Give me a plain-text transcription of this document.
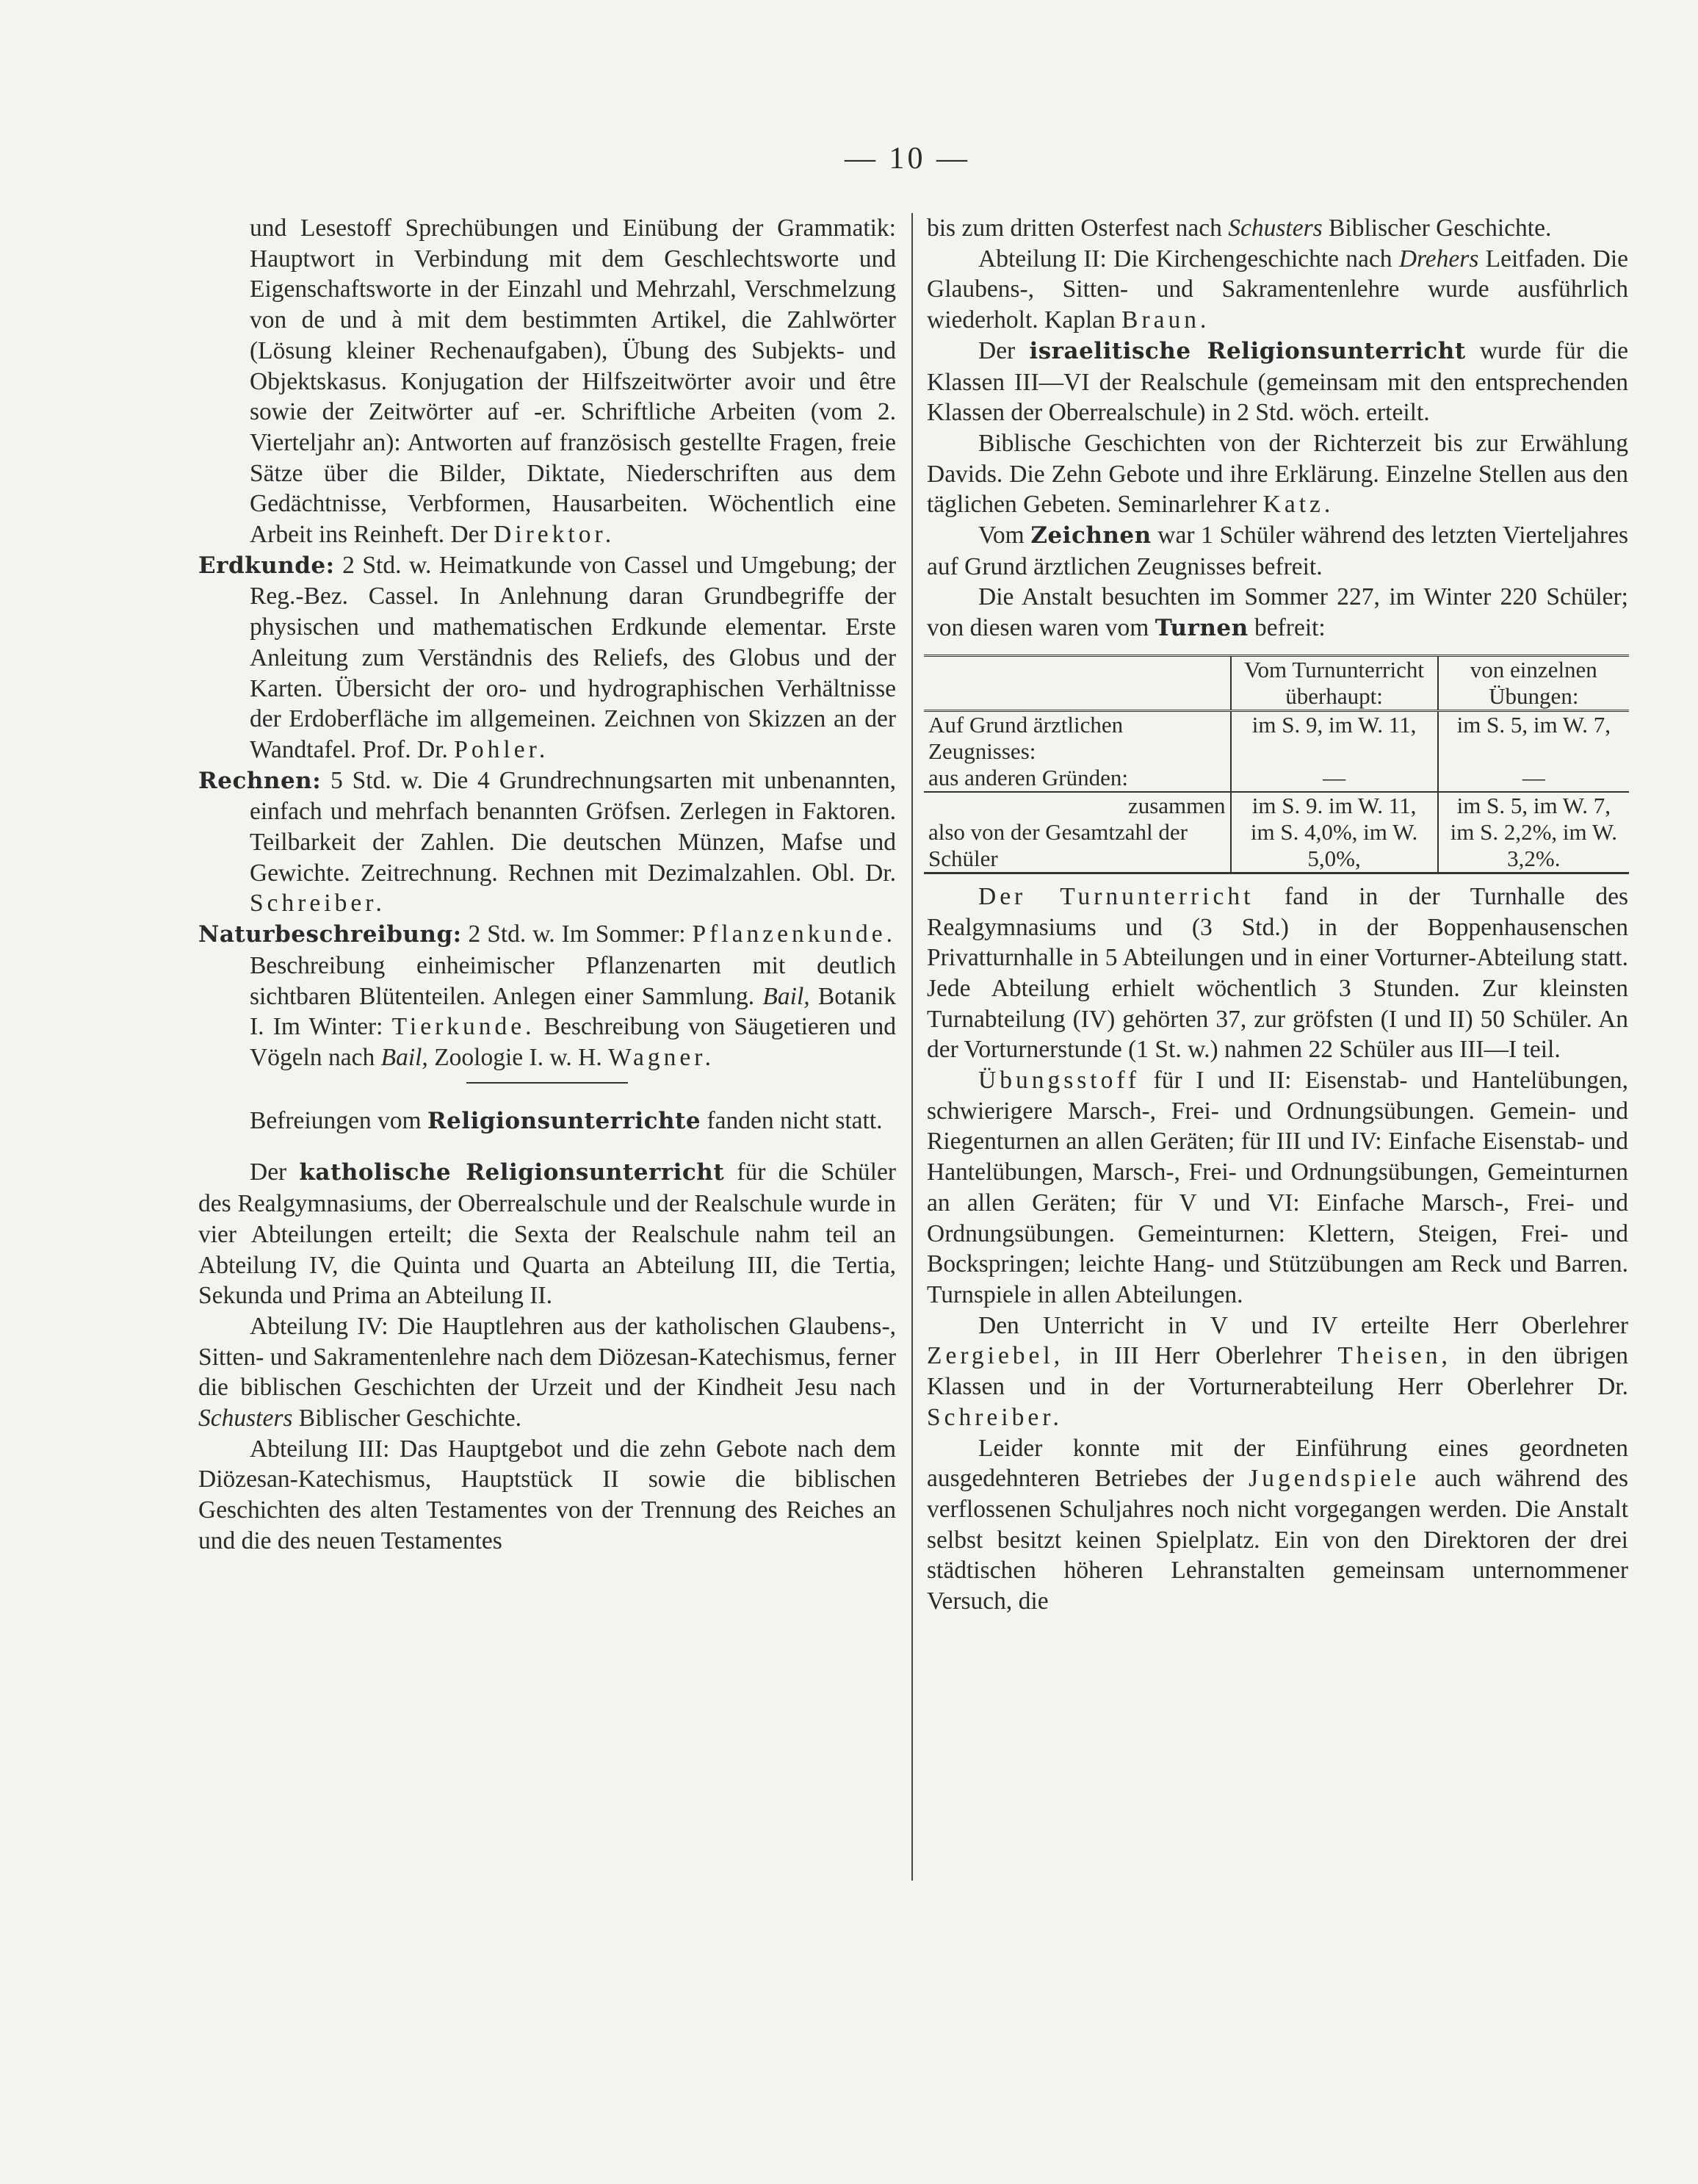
— 10 —

und Lesestoff Sprechübungen und Einübung der Grammatik: Hauptwort in Verbindung mit dem Geschlechtsworte und Eigenschaftsworte in der Einzahl und Mehrzahl, Verschmelzung von de und à mit dem bestimmten Artikel, die Zahlwörter (Lösung kleiner Rechenaufgaben), Übung des Subjekts- und Objektskasus. Konjugation der Hilfszeitwörter avoir und être sowie der Zeitwörter auf -er. Schriftliche Arbeiten (vom 2. Vierteljahr an): Antworten auf französisch gestellte Fragen, freie Sätze über die Bilder, Diktate, Niederschriften aus dem Gedächtnisse, Verbformen, Hausarbeiten. Wöchentlich eine Arbeit ins Reinheft. Der Direktor.

Erdkunde: 2 Std. w. Heimatkunde von Cassel und Umgebung; der Reg.-Bez. Cassel. In Anlehnung daran Grundbegriffe der physischen und mathematischen Erdkunde elementar. Erste Anleitung zum Verständnis des Reliefs, des Globus und der Karten. Übersicht der oro- und hydrographischen Verhältnisse der Erdoberfläche im allgemeinen. Zeichnen von Skizzen an der Wandtafel. Prof. Dr. Pohler.

Rechnen: 5 Std. w. Die 4 Grundrechnungsarten mit unbenannten, einfach und mehrfach benannten Gröfsen. Zerlegen in Faktoren. Teilbarkeit der Zahlen. Die deutschen Münzen, Mafse und Gewichte. Zeitrechnung. Rechnen mit Dezimalzahlen. Obl. Dr. Schreiber.

Naturbeschreibung: 2 Std. w. Im Sommer: Pflanzenkunde. Beschreibung einheimischer Pflanzenarten mit deutlich sichtbaren Blütenteilen. Anlegen einer Sammlung. Bail, Botanik I. Im Winter: Tierkunde. Beschreibung von Säugetieren und Vögeln nach Bail, Zoologie I. w. H. Wagner.

Befreiungen vom Religionsunterrichte fanden nicht statt.

Der katholische Religionsunterricht für die Schüler des Realgymnasiums, der Oberrealschule und der Realschule wurde in vier Abteilungen erteilt; die Sexta der Realschule nahm teil an Abteilung IV, die Quinta und Quarta an Abteilung III, die Tertia, Sekunda und Prima an Abteilung II.

Abteilung IV: Die Hauptlehren aus der katholischen Glaubens-, Sitten- und Sakramentenlehre nach dem Diözesan-Katechismus, ferner die biblischen Geschichten der Urzeit und der Kindheit Jesu nach Schusters Biblischer Geschichte.

Abteilung III: Das Hauptgebot und die zehn Gebote nach dem Diözesan-Katechismus, Hauptstück II sowie die biblischen Geschichten des alten Testamentes von der Trennung des Reiches an und die des neuen Testamentes

bis zum dritten Osterfest nach Schusters Biblischer Geschichte.

Abteilung II: Die Kirchengeschichte nach Drehers Leitfaden. Die Glaubens-, Sitten- und Sakramentenlehre wurde ausführlich wiederholt. Kaplan Braun.

Der israelitische Religionsunterricht wurde für die Klassen III—VI der Realschule (gemeinsam mit den entsprechenden Klassen der Oberrealschule) in 2 Std. wöch. erteilt.

Biblische Geschichten von der Richterzeit bis zur Erwählung Davids. Die Zehn Gebote und ihre Erklärung. Einzelne Stellen aus den täglichen Gebeten. Seminarlehrer Katz.

Vom Zeichnen war 1 Schüler während des letzten Vierteljahres auf Grund ärztlichen Zeugnisses befreit.

Die Anstalt besuchten im Sommer 227, im Winter 220 Schüler; von diesen waren vom Turnen befreit:

	Vom Turnunterricht überhaupt:	von einzelnen Übungen:
Auf Grund ärztlichen Zeugnisses:	im S. 9, im W. 11,	im S. 5, im W. 7,
aus anderen Gründen:	—	—
zusammen	im S. 9. im W. 11,	im S. 5, im W. 7,
also von der Gesamtzahl der Schüler	im S. 4,0%, im W. 5,0%,	im S. 2,2%, im W. 3,2%.

Der Turnunterricht fand in der Turnhalle des Realgymnasiums und (3 Std.) in der Boppenhausenschen Privatturnhalle in 5 Abteilungen und in einer Vorturner-Abteilung statt. Jede Abteilung erhielt wöchentlich 3 Stunden. Zur kleinsten Turnabteilung (IV) gehörten 37, zur gröfsten (I und II) 50 Schüler. An der Vorturnerstunde (1 St. w.) nahmen 22 Schüler aus III—I teil.

Übungsstoff für I und II: Eisenstab- und Hantelübungen, schwierigere Marsch-, Frei- und Ordnungsübungen. Gemein- und Riegenturnen an allen Geräten; für III und IV: Einfache Eisenstab- und Hantelübungen, Marsch-, Frei- und Ordnungsübungen, Gemeinturnen an allen Geräten; für V und VI: Einfache Marsch-, Frei- und Ordnungsübungen. Gemeinturnen: Klettern, Steigen, Frei- und Bockspringen; leichte Hang- und Stützübungen am Reck und Barren. Turnspiele in allen Abteilungen.

Den Unterricht in V und IV erteilte Herr Oberlehrer Zergiebel, in III Herr Oberlehrer Theisen, in den übrigen Klassen und in der Vorturnerabteilung Herr Oberlehrer Dr. Schreiber.

Leider konnte mit der Einführung eines geordneten ausgedehnteren Betriebes der Jugendspiele auch während des verflossenen Schuljahres noch nicht vorgegangen werden. Die Anstalt selbst besitzt keinen Spielplatz. Ein von den Direktoren der drei städtischen höheren Lehranstalten gemeinsam unternommener Versuch, die
